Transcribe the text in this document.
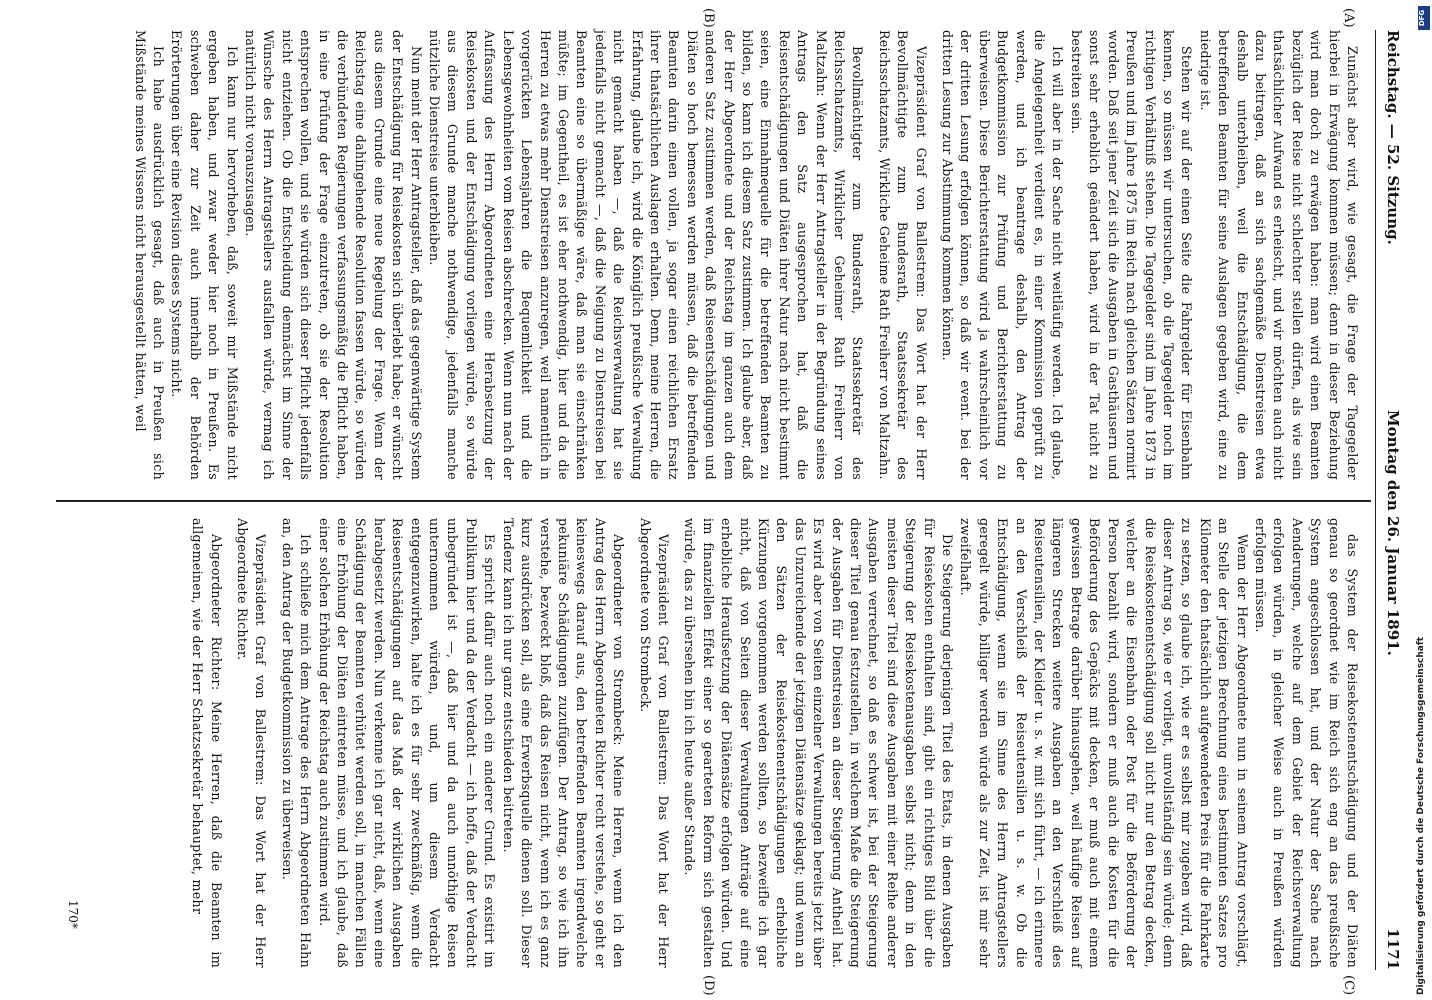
Reichstag. — 52. Sitzung.
Montag den 26. Januar 1891.
1171
(A)
(B)
(C)
(D)

Zunächst aber wird, wie gesagt, die Frage der Tagegelder hierbei in Erwägung kommen müssen; denn in dieser Beziehung wird man doch zu erwägen haben: man wird einen Beamten bezüglich der Reise nicht schlechter stellen dürfen, als wie sein thatsächlicher Aufwand es erheischt, und wir möchten auch nicht dazu beitragen, daß an sich sachgemäße Dienstreisen etwa deshalb unterbleiben, weil die Entschädigung, die dem betreffenden Beamten für seine Auslagen gegeben wird, eine zu niedrige ist.

Stehen wir auf der einen Seite die Fahrgelder für Eisenbahn kennen, so müssen wir untersuchen, ob die Tagegelder noch im richtigen Verhältniß stehen. Die Tagegelder sind im Jahre 1873 in Preußen und im Jahre 1875 im Reich nach gleichen Sätzen normirt worden. Daß seit jener Zeit sich die Ausgaben in Gasthäusern und sonst sehr erheblich geändert haben, wird in der Tat nicht zu bestreiten sein.

Ich will aber in der Sache nicht weitläufig werden. Ich glaube, die Angelegenheit verdient es, in einer Kommission geprüft zu werden, und ich beantrage deshalb, den Antrag der Budgetkommission zur Prüfung und Berichterstattung zu überweisen. Diese Berichterstattung wird ja wahrscheinlich vor der dritten Lesung erfolgen können, so daß wir event. bei der dritten Lesung zur Abstimmung kommen können.

Vizepräsident Graf von Ballestrem: Das Wort hat der Herr Bevollmächtigte zum Bundesrath, Staatssekretär des Reichsschatzamts, Wirkliche Geheime Rath Freiherr von Maltzahn.

Bevollmächtigter zum Bundesrath, Staatssekretär des Reichsschatzamts, Wirklicher Geheimer Rath Freiherr von Maltzahn: Wenn der Herr Antragsteller in der Begründung seines Antrags den Satz ausgesprochen hat, daß die Reisentschädigungen und Diäten ihrer Natur nach nicht bestimmt seien, eine Einnahmequelle für die betreffenden Beamten zu bilden, so kann ich diesem Satz zustimmen. Ich glaube aber, daß der Herr Abgeordnete und der Reichstag im ganzen auch dem anderen Satz zustimmen werden, daß Reiseentschädigungen und Diäten so hoch bemessen werden müssen, daß die betreffenden Beamten darin einen vollen, ja sogar einen reichlichen Ersatz ihrer thatsächlichen Auslagen erhalten. Denn, meine Herren, die Erfahrung, glaube ich, wird die Königlich preußische Verwaltung nicht gemacht haben —, daß die Reichsverwaltung hat sie jedenfalls nicht gemacht —, daß die Neigung zu Dienstreisen bei Beamten eine so übermäßige wäre, daß man sie einschränken müßte; im Gegentheil, es ist eher nothwendig, hier und da die Herren zu etwas mehr Dienstreisen anzuregen, weil namentlich in vorgerückten Lebensjahren die Bequemlichkeit und die Lebensgewohnheiten vom Reisen abschrecken. Wenn nun nach der Auffassung des Herrn Abgeordneten eine Herabsetzung der Reisekosten und der Entschädigung vorliegen würde, so würde aus diesem Grunde manche nothwendige, jedenfalls manche nützliche Dienstreise unterbleiben.

Nun meint der Herr Antragsteller, daß das gegenwärtige System der Entschädigung für Reisekosten sich überlebt habe; er wünscht aus diesem Grunde eine neue Regelung der Frage. Wenn der Reichstag eine dahingehende Resolution fassen würde, so würden die verbündeten Regierungen verfassungsmäßig die Pflicht haben, in eine Prüfung der Frage einzutreten, ob sie der Resolution entsprechen wollen, und sie würden sich dieser Pflicht jedenfalls nicht entziehen. Ob die Entscheidung demnächst im Sinne der Wünsche des Herrn Antragstellers ausfallen würde, vermag ich natürlich nicht vorauszusagen.

Ich kann nur hervorheben, daß, soweit mir Mißstände nicht ergeben haben, und zwar weder hier noch in Preußen. Es schweben daher zur Zeit auch innerhalb der Behörden Erörterungen über eine Revision dieses Systems nicht.

Ich habe ausdrücklich gesagt, daß auch in Preußen sich Mißstände meines Wissens nicht herausgestellt hätten, weil

das System der Reisekostenentschädigung und der Diäten genau so geordnet wie im Reich sich eng an das preußische System angeschlossen hat, und der Natur der Sache nach Aenderungen, welche auf dem Gebiet der Reichsverwaltung erfolgen würden, in gleicher Weise auch in Preußen würden erfolgen müssen.

Wenn der Herr Abgeordnete nun in seinem Antrag vorschlägt, an Stelle der jetzigen Berechnung eines bestimmten Satzes pro Kilometer den thatsächlich aufgewendeten Preis für die Fahrkarte zu setzen, so glaube ich, wie er es selbst mir zugeben wird, daß dieser Antrag so, wie er vorliegt, unvollständig sein würde; denn die Reisekostenentschädigung soll nicht nur den Betrag decken, welcher an die Eisenbahn oder Post für die Beförderung der Person bezahlt wird, sondern er muß auch die Kosten für die Beförderung des Gepäcks mit decken, er muß auch mit einem gewissen Betrage darüber hinausgehen, weil häufige Reisen auf längeren Strecken weitere Ausgaben an den Verschleiß des Reiseutensilien, der Kleider u. s. w. mit sich führt, — ich erinnere an den Verschleiß der Reiseutensilien u. s. w. Ob die Entschädigung, wenn sie im Sinne des Herrn Antragstellers geregelt würde, billiger werden würde als zur Zeit, ist mir sehr zweifelhaft.

Die Steigerung derjenigen Titel des Etats, in denen Ausgaben für Reisekosten enthalten sind, gibt ein richtiges Bild über die Steigerung der Reisekostenausgaben selbst nicht; denn in den meisten dieser Titel sind diese Ausgaben mit einer Reihe anderer Ausgaben verrechnet, so daß es schwer ist, bei der Steigerung dieser Titel genau festzustellen, in welchem Maße die Steigerung der Ausgaben für Dienstreisen an dieser Steigerung Antheil hat. Es wird aber von Seiten einzelner Verwaltungen bereits jetzt über das Unzureichende der jetzigen Diätensätze geklagt; und wenn an den Sätzen der Reisekostenentschädigungen erhebliche Kürzungen vorgenommen werden sollten, so bezweifle ich gar nicht, daß von Seiten dieser Verwaltungen Anträge auf eine erhebliche Heraufsetzung der Diätensätze erfolgen würden. Und im finanziellen Effekt einer so gearteten Reform sich gestalten würde, das zu übersehen bin ich heute außer Stande.

Vizepräsident Graf von Ballestrem: Das Wort hat der Herr Abgeordnete von Strombeck.

Abgeordneter von Strombeck: Meine Herren, wenn ich den Antrag des Herrn Abgeordneten Richter recht verstehe, so geht er keineswegs darauf aus, den betreffenden Beamten irgendwelche pekuniäre Schädigungen zuzufügen. Der Antrag, so wie ich ihn verstehe, bezweckt bloß, daß das Reisen nicht, wenn ich es ganz kurz ausdrücken soll, als eine Erwerbsquelle dienen soll. Dieser Tendenz kann ich nur ganz entschieden beitreten.

Es spricht dafür auch noch ein anderer Grund. Es existirt im Publikum hier und da der Verdacht — ich hoffe, daß der Verdacht unbegründet ist —, daß hier und da auch unnöthige Reisen unternommen würden, und, um diesem Verdacht entgegenzuwirken, halte ich es für sehr zweckmäßig, wenn die Reiseentschädigungen auf das Maß der wirklichen Ausgaben herabgesetzt werden. Nun verkenne ich gar nicht, daß, wenn eine Schädigung der Beamten verhütet werden soll, in manchen Fällen eine Erhöhung der Diäten eintreten müsse, und ich glaube, daß einer solchen Erhöhung der Reichstag auch zustimmen wird.

Ich schließe mich dem Antrage des Herrn Abgeordneten Hahn an, den Antrag der Budgetkommission zu überweisen.

Vizepräsident Graf von Ballestrem: Das Wort hat der Herr Abgeordnete Richter.

Abgeordneter Richter: Meine Herren, daß die Beamten im allgemeinen, wie der Herr Schatzsekretär behauptet, mehr

170*
DFG
Digitalisierung gefördert durch die Deutsche Forschungsgemeinschaft
